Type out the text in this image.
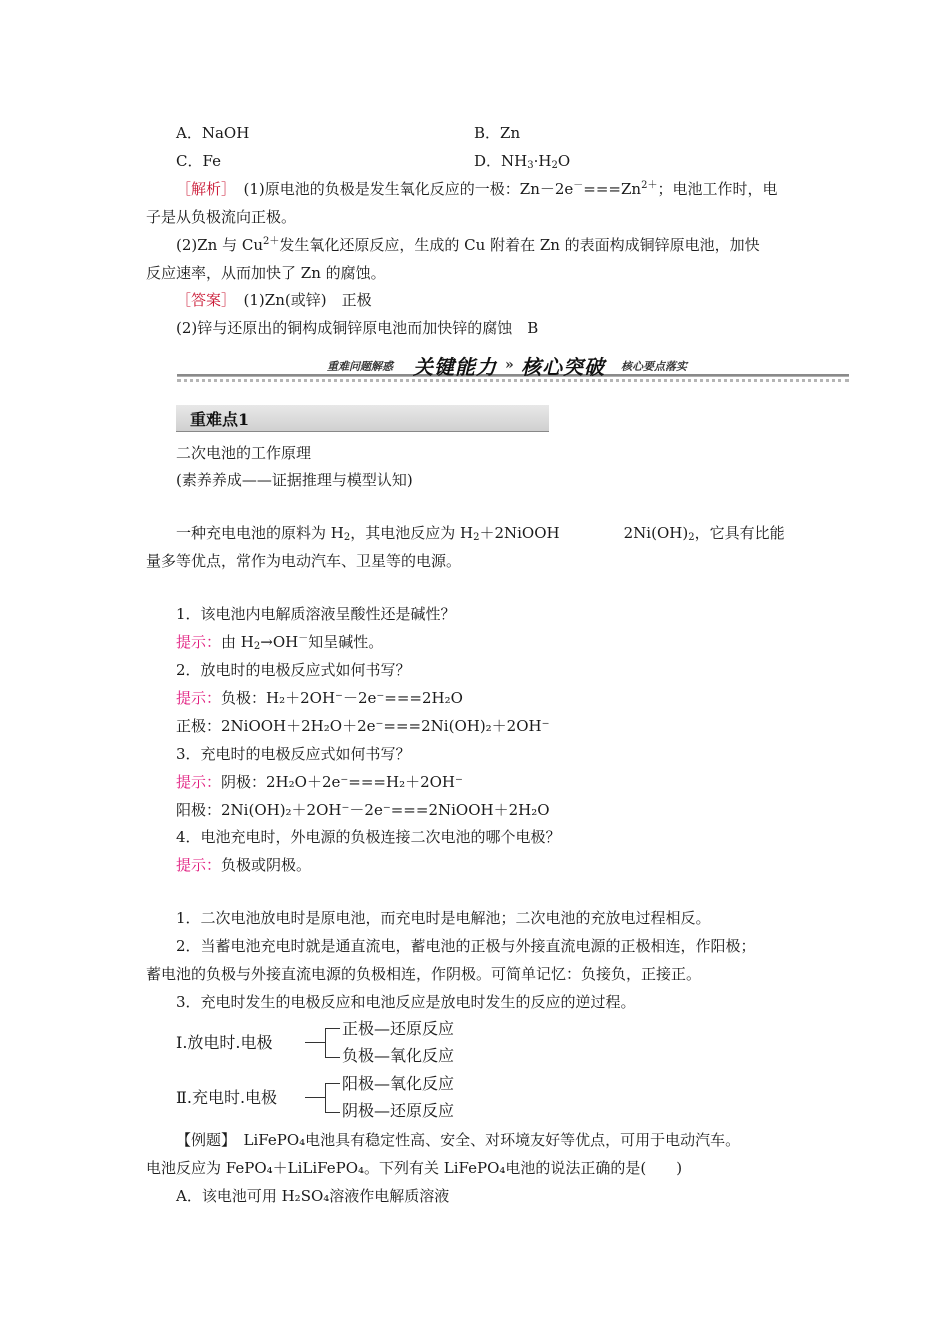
A．NaOH	B．Zn
C．Fe	D．$NH_3\cdot H_2O$
［解析］　 (1)原电池的负极是发生氧化反应的一极：$Zn-2e^-===Zn^{2+}$；电池工作时，电
子是从负极流向正极。
(2)Zn 与 $Cu^{2+}$发生氧化还原反应，生成的 Cu 附着在 Zn 的表面构成铜锌原电池，加快
反应速率，从而加快了 Zn 的腐蚀。
［答案］　 (1)Zn(或锌)　正极
(2)锌与还原出的铜构成铜锌原电池而加快锌的腐蚀　B
重难问题解惑 关键能力 » 核心突破 核心要点落实
重难点1
二次电池的工作原理
(素养养成——证据推理与模型认知)
一种充电电池的原料为 $H_2$，其电池反应为 $H_2+2NiOOH$	$2Ni(OH)_2$，它具有比能
量多等优点，常作为电动汽车、卫星等的电源。
1．该电池内电解质溶液呈酸性还是碱性？
提示：由 $H_2\to OH^-$知呈碱性。
2．放电时的电极反应式如何书写？
提示：负极：H₂＋2OH⁻－2e⁻===2H₂O
正极：2NiOOH＋2H₂O＋2e⁻===2Ni(OH)₂＋2OH⁻
3．充电时的电极反应式如何书写？
提示：阴极：2H₂O＋2e⁻===H₂＋2OH⁻
阳极：2Ni(OH)₂＋2OH⁻－2e⁻===2NiOOH＋2H₂O
4．电池充电时，外电源的负极连接二次电池的哪个电极？
提示：负极或阴极。
1．二次电池放电时是原电池，而充电时是电解池；二次电池的充放电过程相反。
2．当蓄电池充电时就是通直流电，蓄电池的正极与外接直流电源的正极相连，作阳极；
蓄电池的负极与外接直流电源的负极相连，作阴极。可简单记忆：负接负，正接正。
3．充电时发生的电极反应和电池反应是放电时发生的反应的逆过程。
Ⅰ.放电时.电极
正极—还原反应
负极—氧化反应
Ⅱ.充电时.电极
阳极—氧化反应
阴极—还原反应
【例题】　 LiFePO₄电池具有稳定性高、安全、对环境友好等优点，可用于电动汽车。
电池反应为 FePO₄＋LiLiFePO₄。下列有关 LiFePO₄电池的说法正确的是(　　)
A．该电池可用 H₂SO₄溶液作电解质溶液
